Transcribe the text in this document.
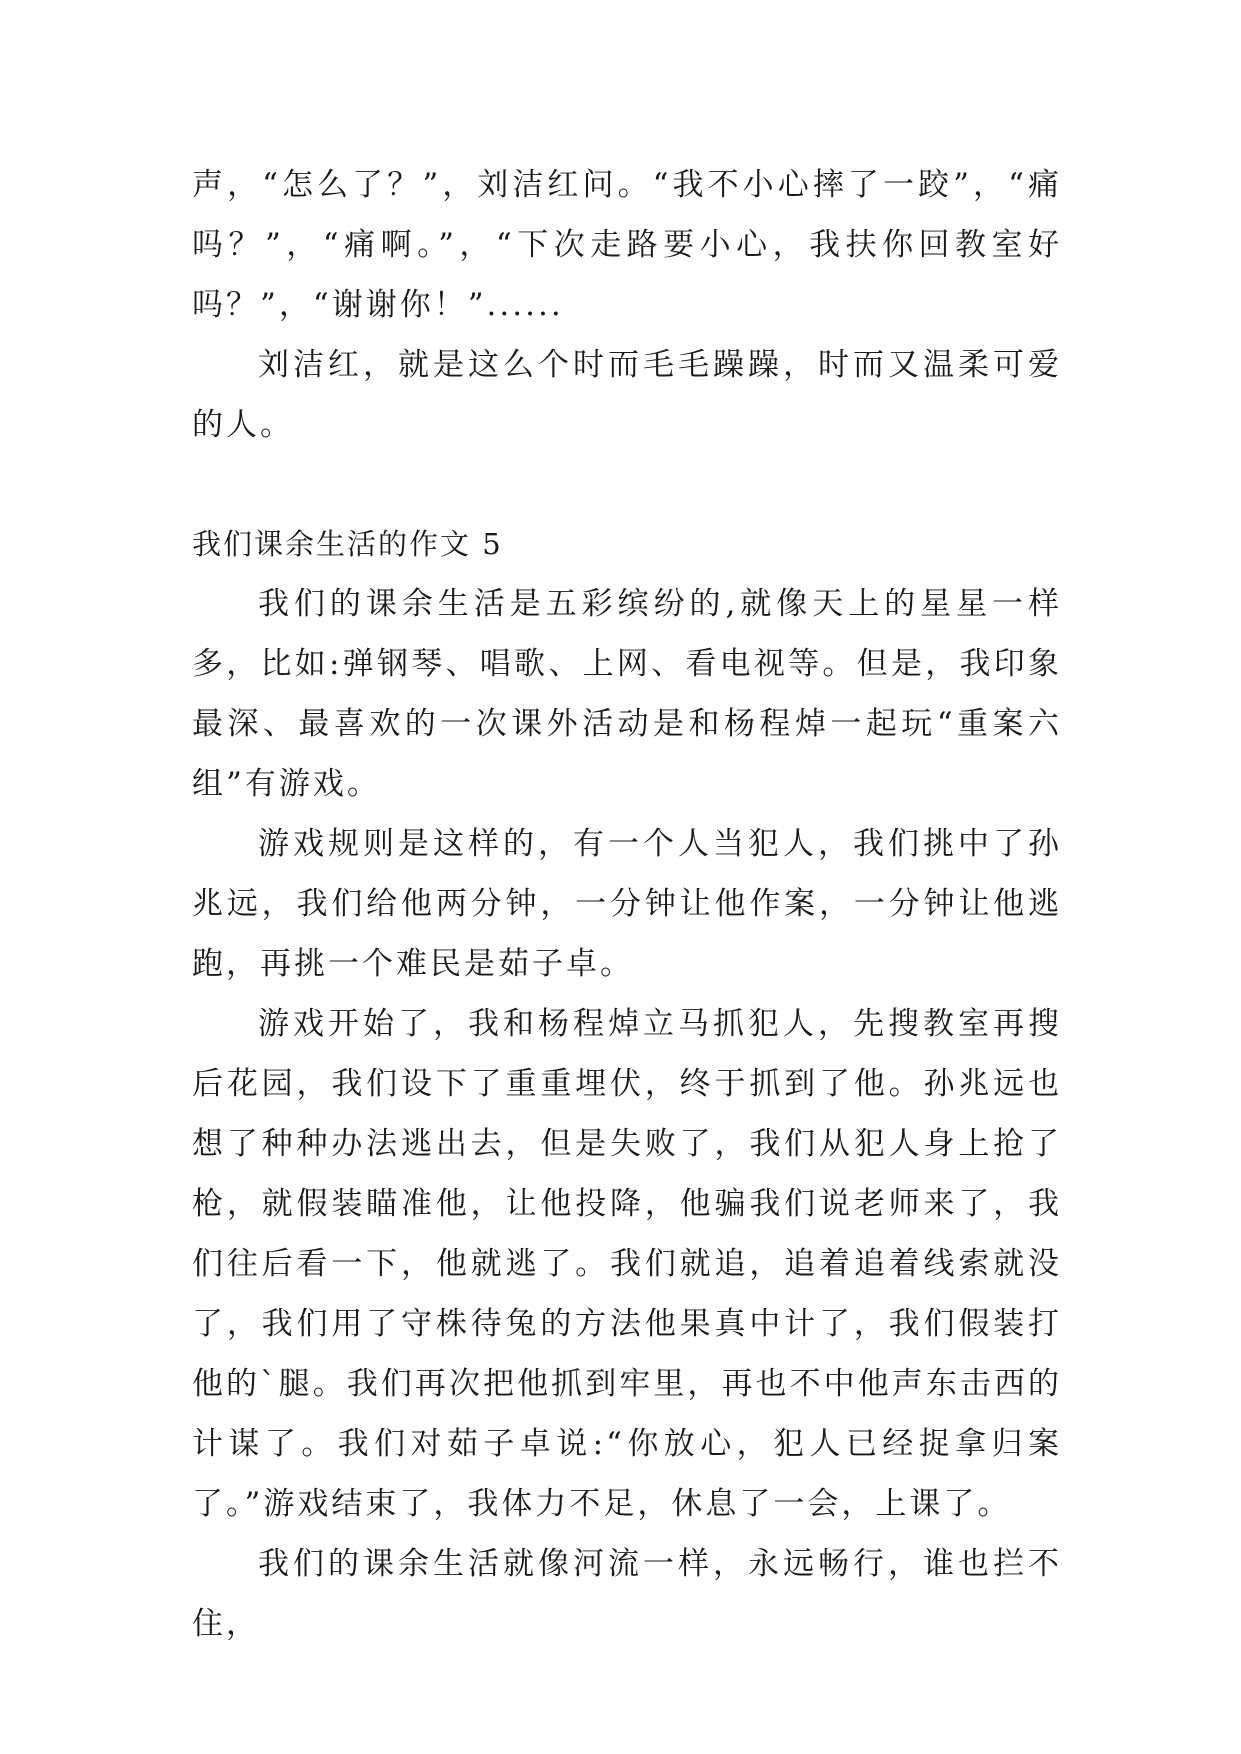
声，“怎么了？”，刘洁红问。“我不小心摔了一跤”，“痛吗？”，“痛啊。”，“下次走路要小心，我扶你回教室好吗？”，“谢谢你！”......

刘洁红，就是这么个时而毛毛躁躁，时而又温柔可爱的人。

我们课余生活的作文 5

我们的课余生活是五彩缤纷的,就像天上的星星一样多，比如:弹钢琴、唱歌、上网、看电视等。但是，我印象最深、最喜欢的一次课外活动是和杨程焯一起玩“重案六组”有游戏。

游戏规则是这样的，有一个人当犯人，我们挑中了孙兆远，我们给他两分钟，一分钟让他作案，一分钟让他逃跑，再挑一个难民是茹子卓。

游戏开始了，我和杨程焯立马抓犯人，先搜教室再搜后花园，我们设下了重重埋伏，终于抓到了他。孙兆远也想了种种办法逃出去，但是失败了，我们从犯人身上抢了枪，就假装瞄准他，让他投降，他骗我们说老师来了，我们往后看一下，他就逃了。我们就追，追着追着线索就没了，我们用了守株待兔的方法他果真中计了，我们假装打他的`腿。我们再次把他抓到牢里，再也不中他声东击西的计谋了。我们对茹子卓说:“你放心，犯人已经捉拿归案了。”游戏结束了，我体力不足，休息了一会，上课了。

我们的课余生活就像河流一样，永远畅行，谁也拦不住，
